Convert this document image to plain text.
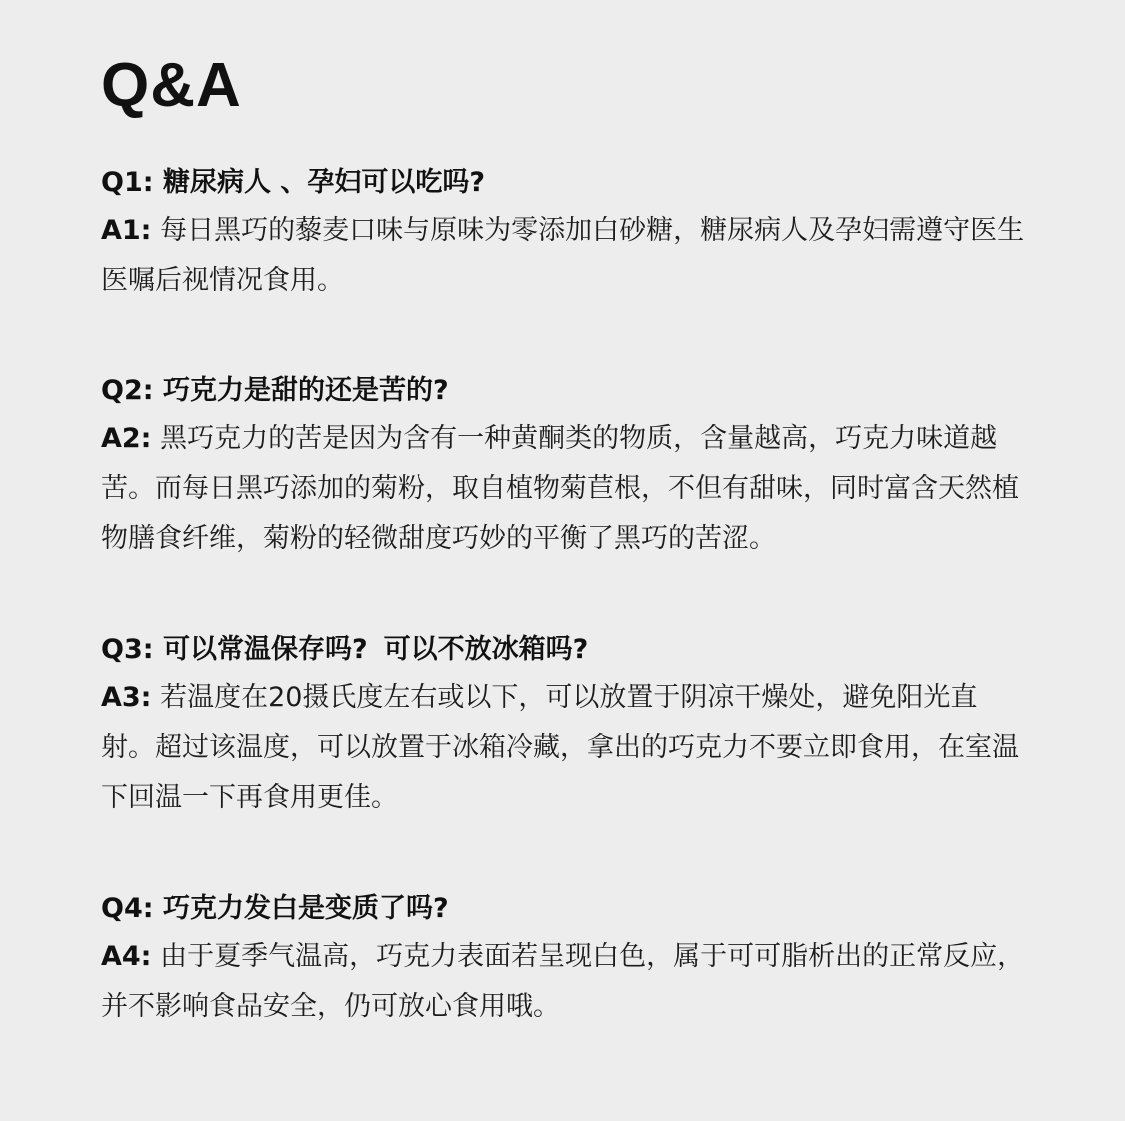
Q&A

Q1: 糖尿病人 、孕妇可以吃吗?

A1: 每日黑巧的藜麦口味与原味为零添加白砂糖，糖尿病人及孕妇需遵守医生医嘱后视情况食用。

Q2: 巧克力是甜的还是苦的?

A2: 黑巧克力的苦是因为含有一种黄酮类的物质，含量越高，巧克力味道越苦。而每日黑巧添加的菊粉，取自植物菊苣根，不但有甜味，同时富含天然植物膳食纤维，菊粉的轻微甜度巧妙的平衡了黑巧的苦涩。

Q3: 可以常温保存吗? 可以不放冰箱吗?

A3: 若温度在20摄氏度左右或以下，可以放置于阴凉干燥处，避免阳光直射。超过该温度，可以放置于冰箱冷藏，拿出的巧克力不要立即食用，在室温下回温一下再食用更佳。

Q4: 巧克力发白是变质了吗?

A4: 由于夏季气温高，巧克力表面若呈现白色，属于可可脂析出的正常反应，并不影响食品安全，仍可放心食用哦。
